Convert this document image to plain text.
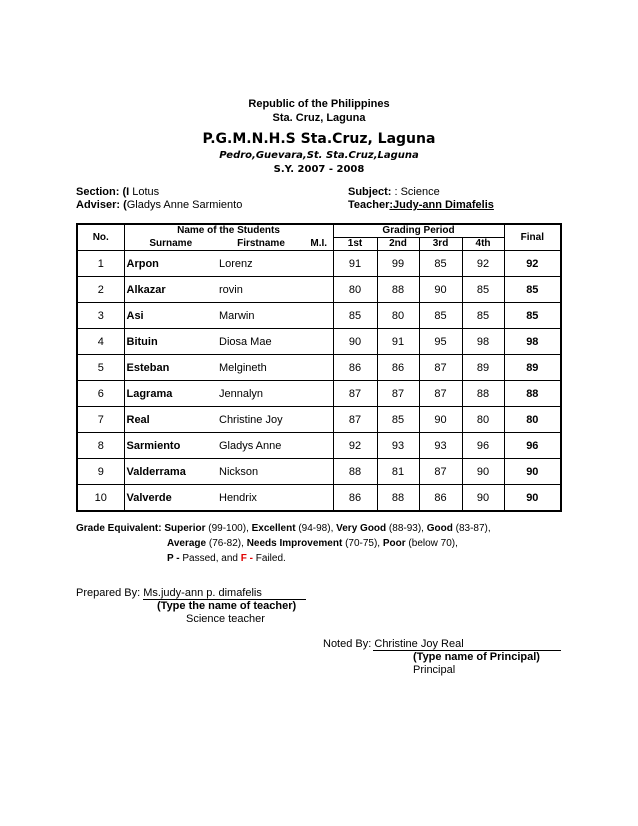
Republic of the Philippines
Sta. Cruz, Laguna
P.G.M.N.H.S Sta.Cruz, Laguna
Pedro,Guevara,St. Sta.Cruz,Laguna
S.Y. 2007 - 2008
Section: (I Lotus
Adviser: (Gladys Anne Sarmiento
Subject: : Science
Teacher:Judy-ann Dimafelis
No.	Name of the Students			Grading Period				Final
	Surname	Firstname	M.I.	1st	2nd	3rd	4th	
1	Arpon	Lorenz		91	99	85	92	92
2	Alkazar	rovin		80	88	90	85	85
3	Asi	Marwin		85	80	85	85	85
4	Bituin	Diosa Mae		90	91	95	98	98
5	Esteban	Melgineth		86	86	87	89	89
6	Lagrama	Jennalyn		87	87	87	88	88
7	Real	Christine Joy		87	85	90	80	80
8	Sarmiento	Gladys Anne		92	93	93	96	96
9	Valderrama	Nickson		88	81	87	90	90
10	Valverde	Hendrix		86	88	86	90	90
Grade Equivalent: Superior (99-100), Excellent (94-98), Very Good (88-93), Good (83-87),
Average (76-82), Needs Improvement (70-75), Poor (below 70),
P - Passed, and F - Failed.
Prepared By: Ms.judy-ann p. dimafelis
(Type the name of teacher)
Science teacher
Noted By: Christine Joy Real
(Type name of Principal)
Principal
